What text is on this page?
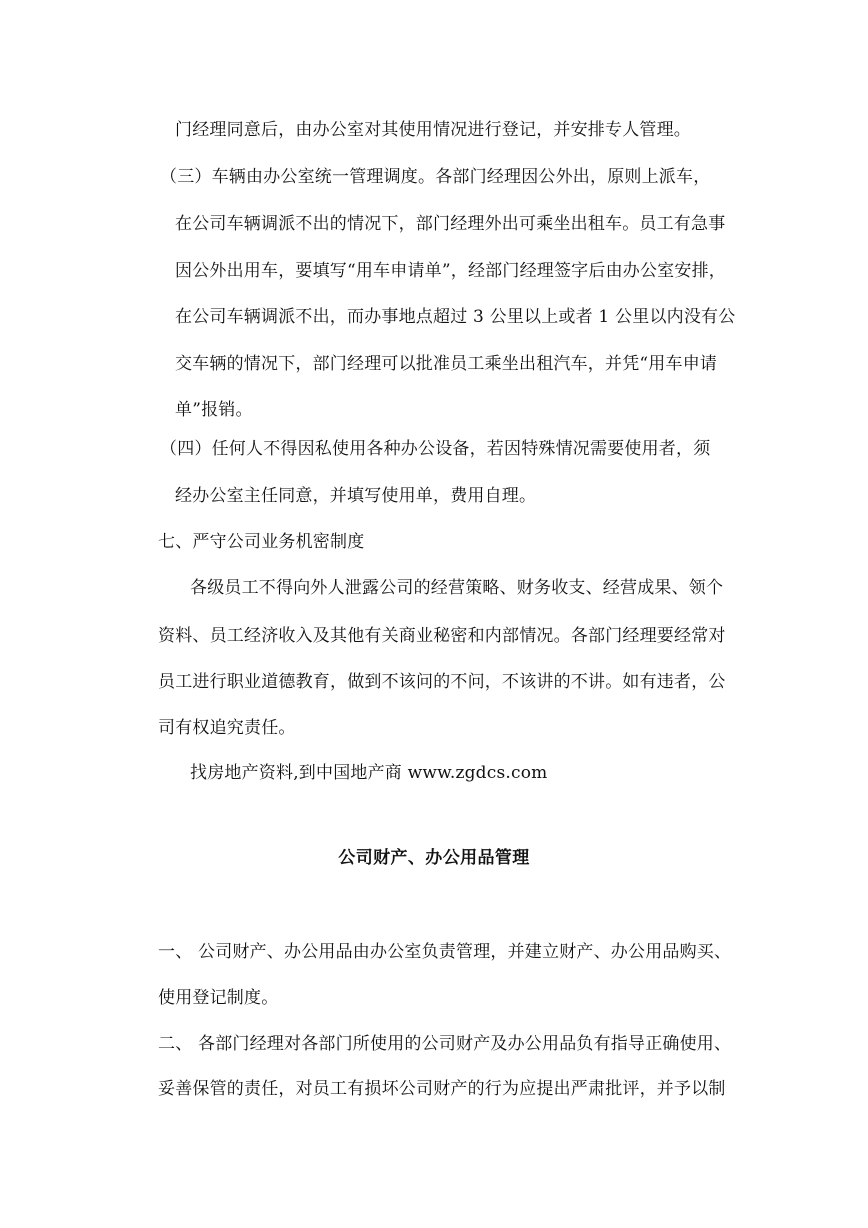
门经理同意后，由办公室对其使用情况进行登记，并安排专人管理。
（三）车辆由办公室统一管理调度。各部门经理因公外出，原则上派车，
在公司车辆调派不出的情况下，部门经理外出可乘坐出租车。员工有急事
因公外出用车，要填写“用车申请单”，经部门经理签字后由办公室安排，
在公司车辆调派不出，而办事地点超过 3 公里以上或者 1 公里以内没有公
交车辆的情况下，部门经理可以批准员工乘坐出租汽车，并凭“用车申请
单”报销。
（四）任何人不得因私使用各种办公设备，若因特殊情况需要使用者，须
经办公室主任同意，并填写使用单，费用自理。
七、严守公司业务机密制度
各级员工不得向外人泄露公司的经营策略、财务收支、经营成果、领个
资料、员工经济收入及其他有关商业秘密和内部情况。各部门经理要经常对
员工进行职业道德教育，做到不该问的不问，不该讲的不讲。如有违者，公
司有权追究责任。
找房地产资料,到中国地产商 www.zgdcs.com
公司财产、办公用品管理
一、 公司财产、办公用品由办公室负责管理，并建立财产、办公用品购买、
使用登记制度。
二、 各部门经理对各部门所使用的公司财产及办公用品负有指导正确使用、
妥善保管的责任，对员工有损坏公司财产的行为应提出严肃批评，并予以制
